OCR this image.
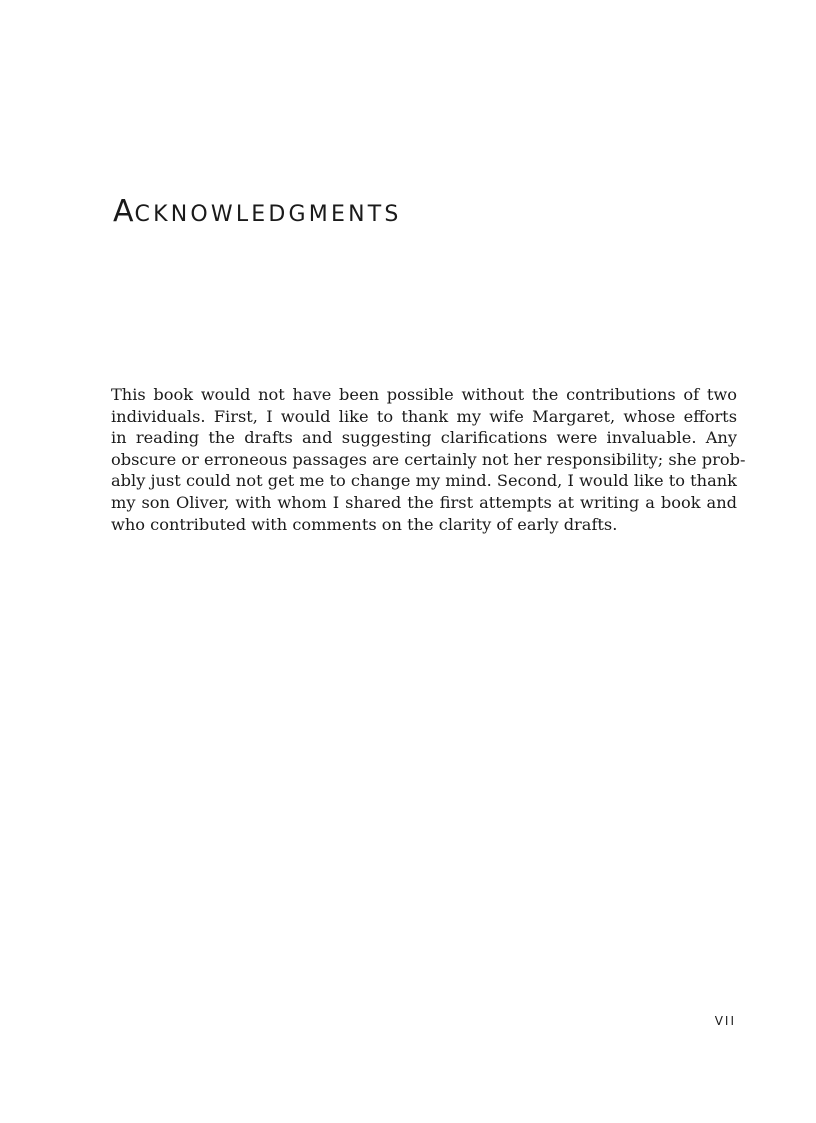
ACKNOWLEDGMENTS
This book would not have been possible without the contributions of two
individuals. First, I would like to thank my wife Margaret, whose efforts
in reading the drafts and suggesting clarifications were invaluable. Any
obscure or erroneous passages are certainly not her responsibility; she prob-
ably just could not get me to change my mind. Second, I would like to thank
my son Oliver, with whom I shared the first attempts at writing a book and
who contributed with comments on the clarity of early drafts.
VII
